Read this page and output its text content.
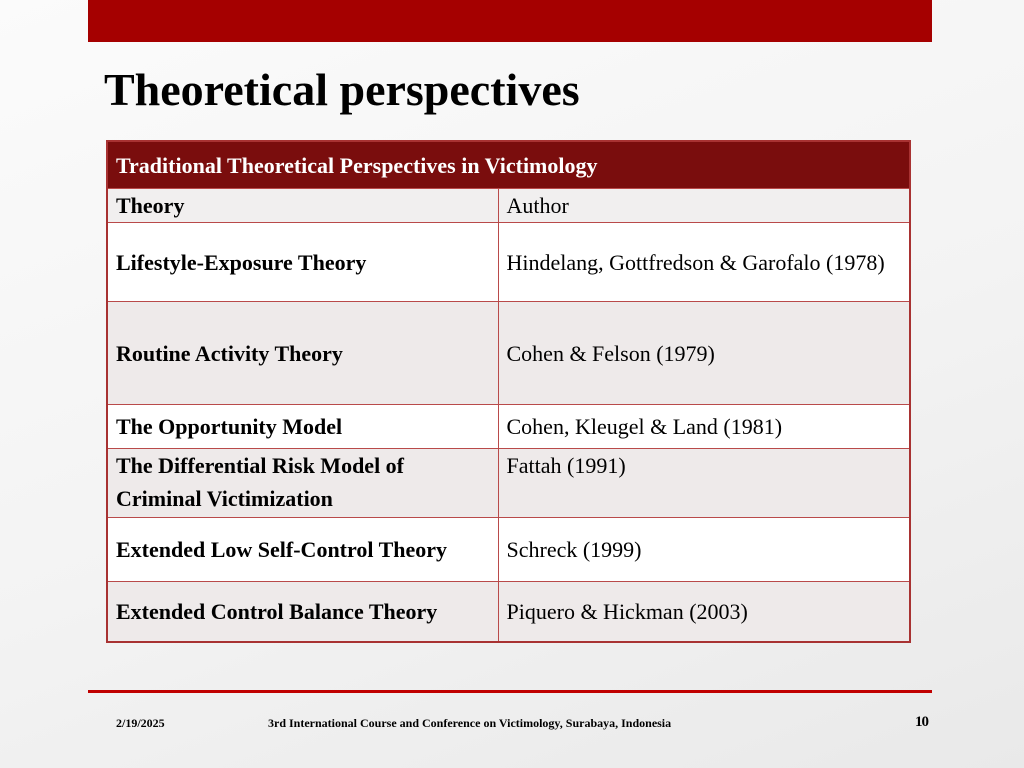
Theoretical perspectives
Traditional Theoretical Perspectives in Victimology	
Theory	Author
Lifestyle-Exposure Theory	Hindelang, Gottfredson & Garofalo (1978)
Routine Activity Theory	Cohen & Felson (1979)
The Opportunity Model	Cohen, Kleugel & Land (1981)
The Differential Risk Model of Criminal Victimization	Fattah (1991)
Extended Low Self-Control Theory	Schreck (1999)
Extended Control Balance Theory	Piquero & Hickman (2003)
2/19/2025	3rd International Course and Conference on Victimology, Surabaya, Indonesia	10
